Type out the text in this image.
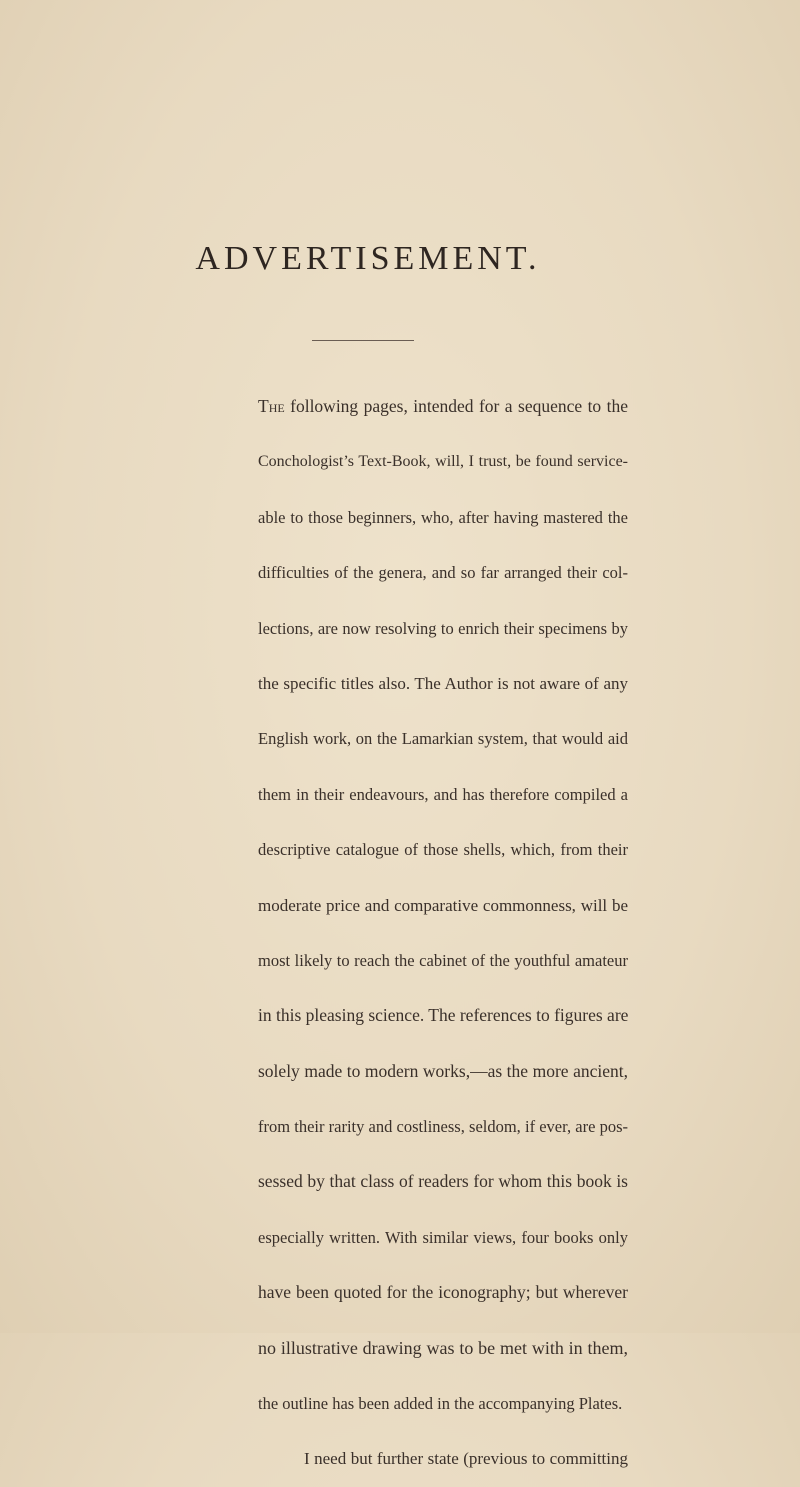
ADVERTISEMENT.
The following pages, intended for a sequence to the
Conchologist’s Text-Book, will, I trust, be found service-
able to those beginners, who, after having mastered the
difficulties of the genera, and so far arranged their col-
lections, are now resolving to enrich their specimens by
the specific titles also. The Author is not aware of any
English work, on the Lamarkian system, that would aid
them in their endeavours, and has therefore compiled a
descriptive catalogue of those shells, which, from their
moderate price and comparative commonness, will be
most likely to reach the cabinet of the youthful amateur
in this pleasing science. The references to figures are
solely made to modern works,—as the more ancient,
from their rarity and costliness, seldom, if ever, are pos-
sessed by that class of readers for whom this book is
especially written. With similar views, four books only
have been quoted for the iconography; but wherever
no illustrative drawing was to be met with in them,
the outline has been added in the accompanying Plates.
I need but further state (previous to committing
